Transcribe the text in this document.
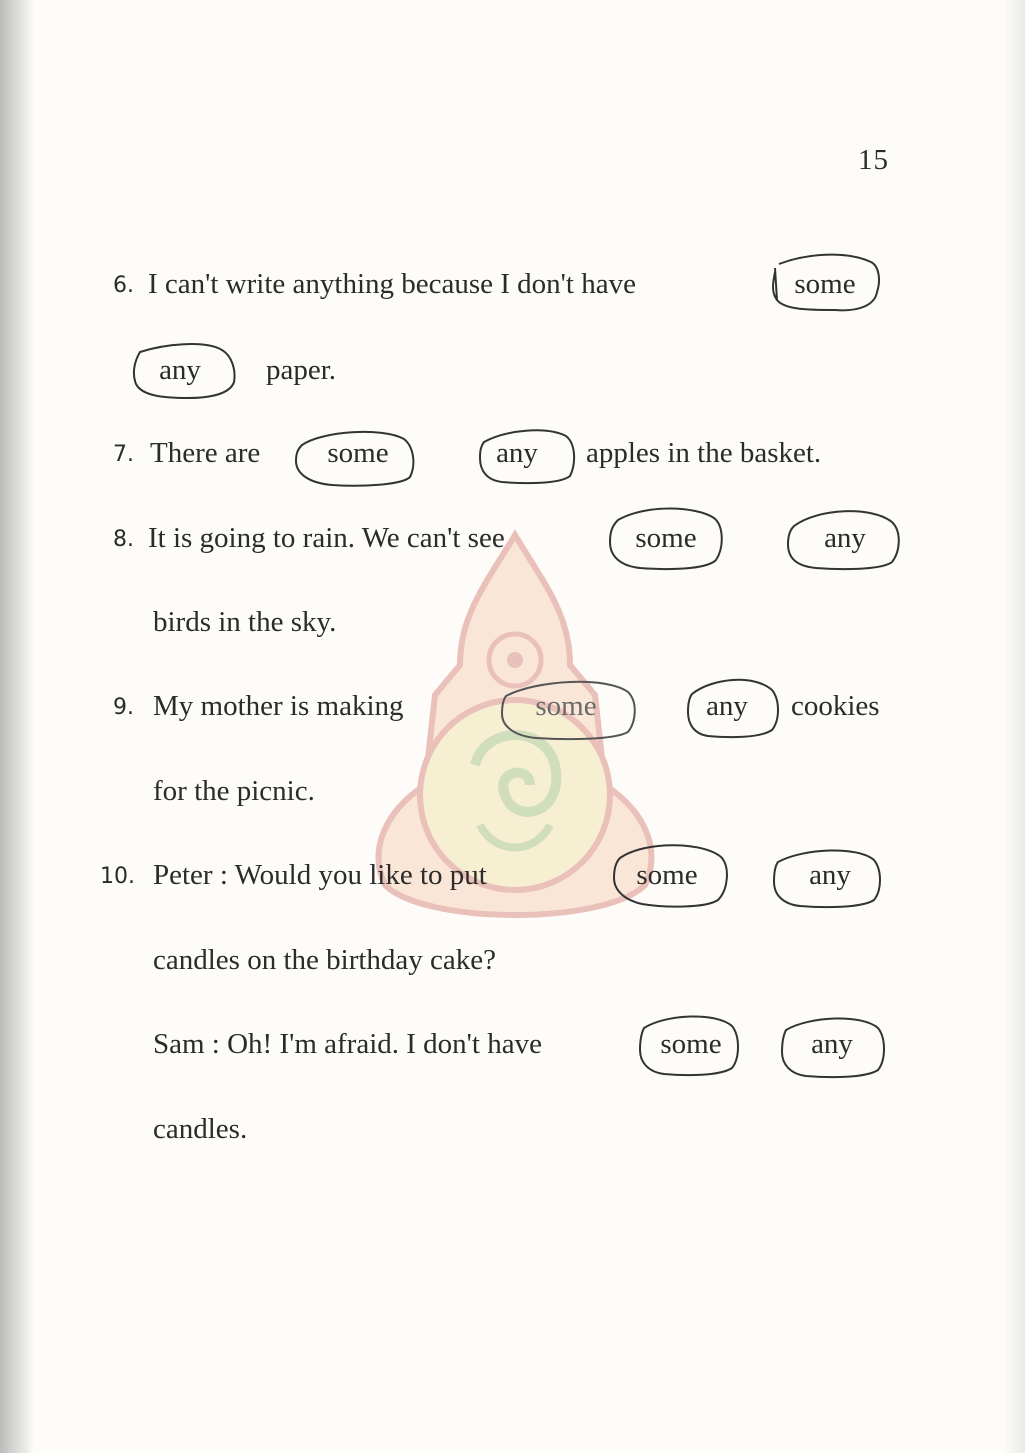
15
6. I can't write anything because I don't have	some
any	paper.
7. There are	some	any	apples in the basket.
8. It is going to rain. We can't see	some	any
birds in the sky.
9. My mother is making	some	any	cookies
for the picnic.
10. Peter : Would you like to put	some	any
candles on the birthday cake?
Sam : Oh! I'm afraid. I don't have	some	any
candles.
